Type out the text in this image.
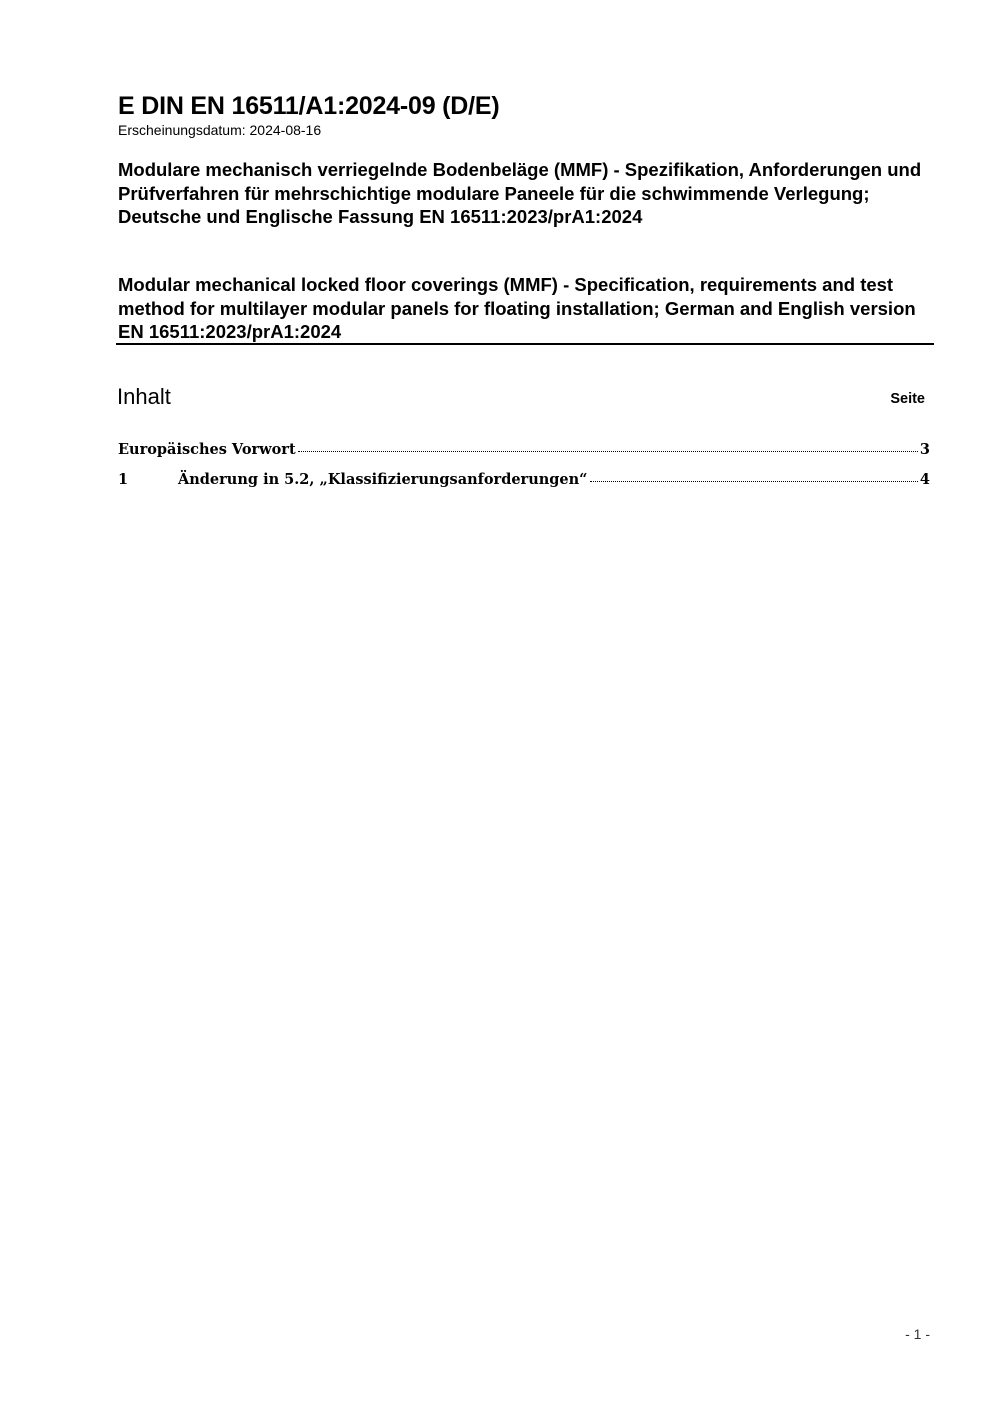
E DIN EN 16511/A1:2024-09 (D/E)
Erscheinungsdatum: 2024-08-16
Modulare mechanisch verriegelnde Bodenbeläge (MMF) - Spezifikation, Anforderungen und Prüfverfahren für mehrschichtige modulare Paneele für die schwimmende Verlegung; Deutsche und Englische Fassung EN 16511:2023/prA1:2024
Modular mechanical locked floor coverings (MMF) - Specification, requirements and test method for multilayer modular panels for floating installation; German and English version EN 16511:2023/prA1:2024
Inhalt	Seite
Europäisches Vorwort	3
1	Änderung in 5.2, „Klassifizierungsanforderungen“	4
- 1 -
